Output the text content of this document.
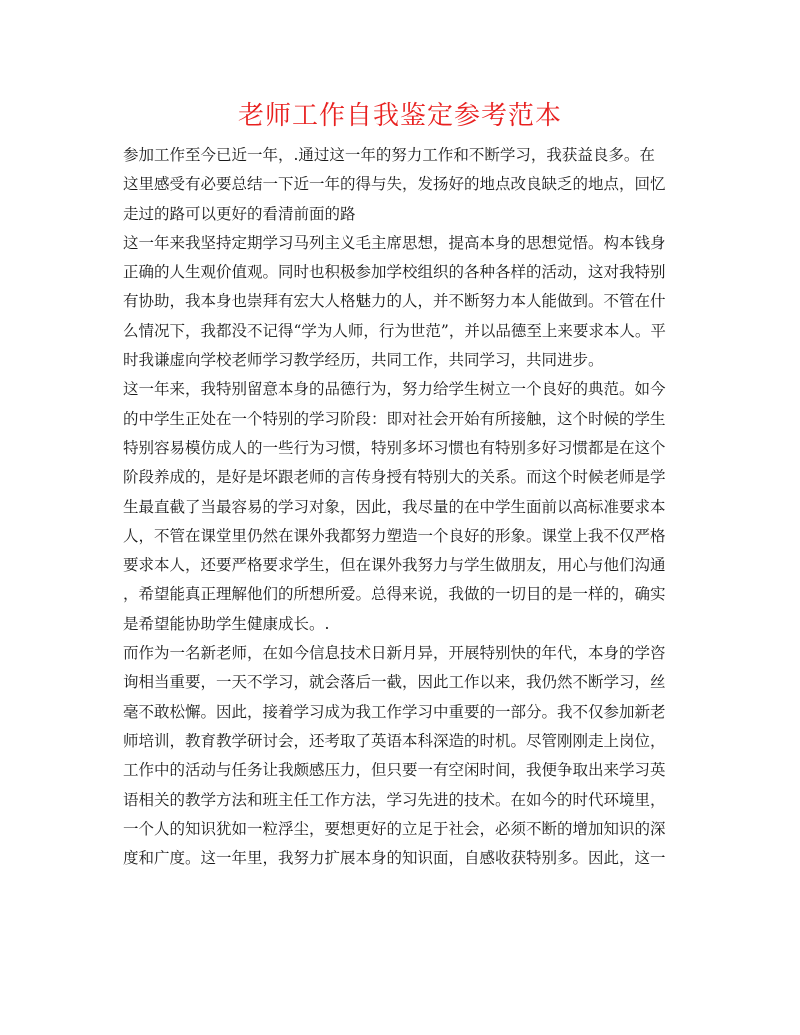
老师工作自我鉴定参考范本
参加工作至今已近一年，.通过这一年的努力工作和不断学习，我获益良多。在
这里感受有必要总结一下近一年的得与失，发扬好的地点改良缺乏的地点，回忆
走过的路可以更好的看清前面的路
这一年来我坚持定期学习马列主义毛主席思想，提高本身的思想觉悟。构本钱身
正确的人生观价值观。同时也积极参加学校组织的各种各样的活动，这对我特别
有协助，我本身也崇拜有宏大人格魅力的人，并不断努力本人能做到。不管在什
么情况下，我都没不记得“学为人师，行为世范”，并以品德至上来要求本人。平
时我谦虚向学校老师学习教学经历，共同工作，共同学习，共同进步。
这一年来，我特别留意本身的品德行为，努力给学生树立一个良好的典范。如今
的中学生正处在一个特别的学习阶段：即对社会开始有所接触，这个时候的学生
特别容易模仿成人的一些行为习惯，特别多坏习惯也有特别多好习惯都是在这个
阶段养成的，是好是坏跟老师的言传身授有特别大的关系。而这个时候老师是学
生最直截了当最容易的学习对象，因此，我尽量的在中学生面前以高标准要求本
人，不管在课堂里仍然在课外我都努力塑造一个良好的形象。课堂上我不仅严格
要求本人，还要严格要求学生，但在课外我努力与学生做朋友，用心与他们沟通
，希望能真正理解他们的所想所爱。总得来说，我做的一切目的是一样的，确实
是希望能协助学生健康成长。.
而作为一名新老师，在如今信息技术日新月异，开展特别快的年代，本身的学咨
询相当重要，一天不学习，就会落后一截，因此工作以来，我仍然不断学习，丝
毫不敢松懈。因此，接着学习成为我工作学习中重要的一部分。我不仅参加新老
师培训，教育教学研讨会，还考取了英语本科深造的时机。尽管刚刚走上岗位，
工作中的活动与任务让我颇感压力，但只要一有空闲时间，我便争取出来学习英
语相关的教学方法和班主任工作方法，学习先进的技术。在如今的时代环境里，
一个人的知识犹如一粒浮尘，要想更好的立足于社会，必须不断的增加知识的深
度和广度。这一年里，我努力扩展本身的知识面，自感收获特别多。因此，这一
